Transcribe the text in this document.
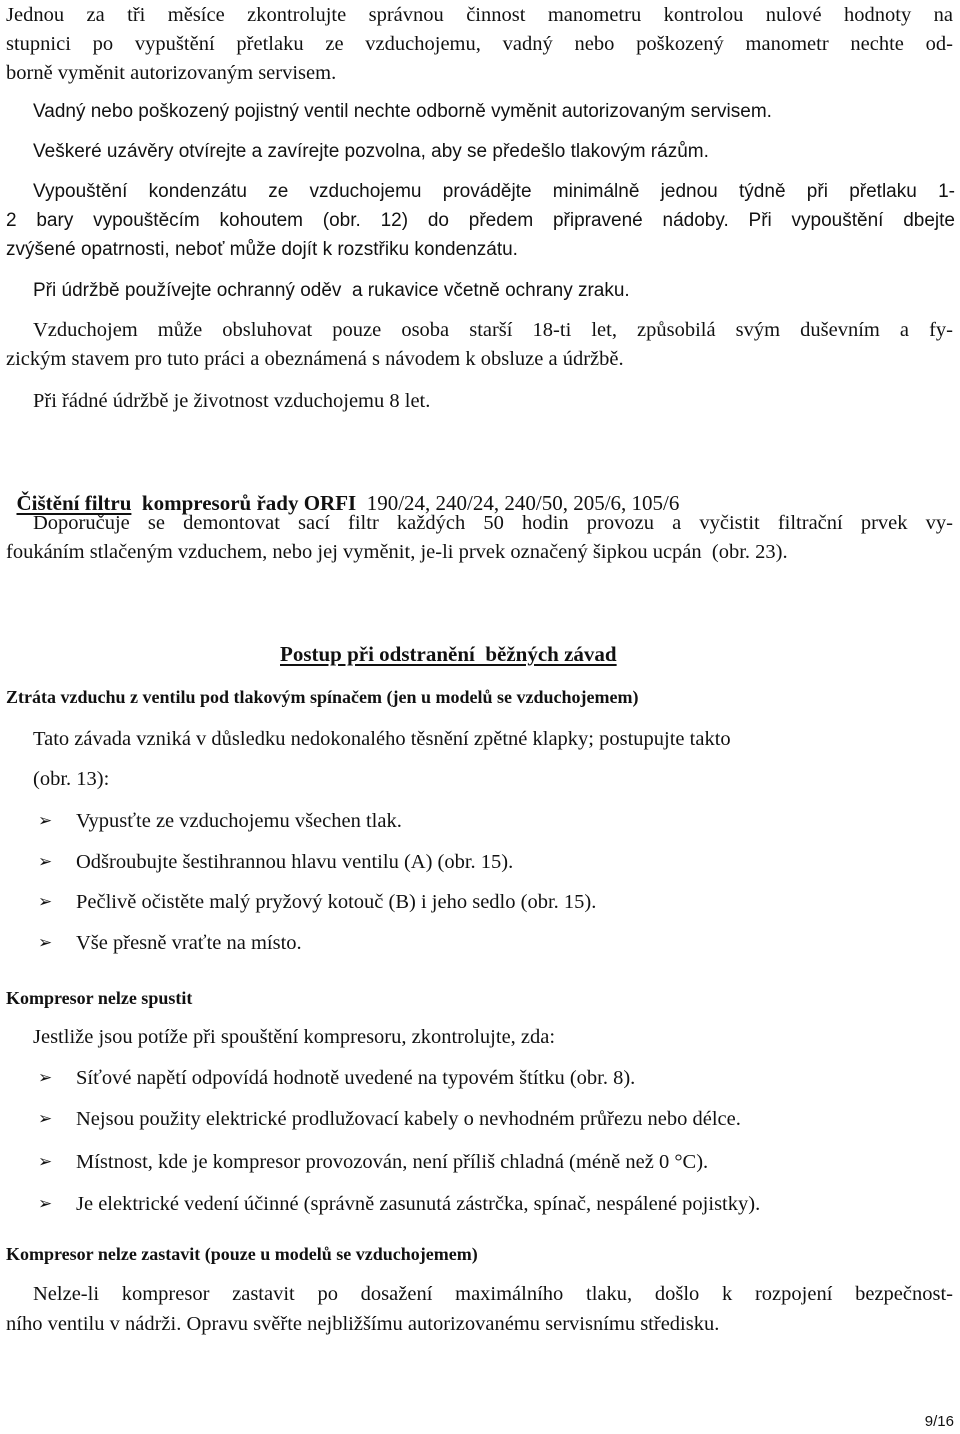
Jednou za tři měsíce zkontrolujte správnou činnost manometru kontrolou nulové hodnoty na
stupnici po vypuštění přetlaku ze vzduchojemu, vadný nebo poškozený manometr nechte od-
borně vyměnit autorizovaným servisem.
Vadný nebo poškozený pojistný ventil nechte odborně vyměnit autorizovaným servisem.
Veškeré uzávěry otvírejte a zavírejte pozvolna, aby se předešlo tlakovým rázům.
Vypouštění kondenzátu ze vzduchojemu provádějte minimálně jednou týdně při přetlaku 1-
2 bary vypouštěcím kohoutem (obr. 12) do předem připravené nádoby. Při vypouštění dbejte
zvýšené opatrnosti, neboť může dojít k rozstřiku kondenzátu.
Při údržbě používejte ochranný oděv  a rukavice včetně ochrany zraku.
Vzduchojem může obsluhovat pouze osoba starší 18-ti let, způsobilá svým duševním a fy-
zickým stavem pro tuto práci a obeznámená s návodem k obsluze a údržbě.
Při řádné údržbě je životnost vzduchojemu 8 let.

Čištění filtru kompresorů řady ORFI 190/24, 240/24, 240/50, 205/6, 105/6

Doporučuje se demontovat sací filtr každých 50 hodin provozu a vyčistit filtrační prvek vy-
foukáním stlačeným vzduchem, nebo jej vyměnit, je-li prvek označený šipkou ucpán  (obr. 23).
Postup při odstranění  běžných závad
Ztráta vzduchu z ventilu pod tlakovým spínačem (jen u modelů se vzduchojemem)
Tato závada vzniká v důsledku nedokonalého těsnění zpětné klapky; postupujte takto
(obr. 13):
➢ Vypusťte ze vzduchojemu všechen tlak.
➢ Odšroubujte šestihrannou hlavu ventilu (A) (obr. 15).
➢ Pečlivě očistěte malý pryžový kotouč (B) i jeho sedlo (obr. 15).
➢ Vše přesně vraťte na místo.
Kompresor nelze spustit
Jestliže jsou potíže při spouštění kompresoru, zkontrolujte, zda:
➢ Síťové napětí odpovídá hodnotě uvedené na typovém štítku (obr. 8).
➢ Nejsou použity elektrické prodlužovací kabely o nevhodném průřezu nebo délce.
➢ Místnost, kde je kompresor provozován, není příliš chladná (méně než 0 °C).
➢ Je elektrické vedení účinné (správně zasunutá zástrčka, spínač, nespálené pojistky).
Kompresor nelze zastavit (pouze u modelů se vzduchojemem)
Nelze-li kompresor zastavit po dosažení maximálního tlaku, došlo k rozpojení bezpečnost-
ního ventilu v nádrži. Opravu svěřte nejbližšímu autorizovanému servisnímu středisku.
9/16
